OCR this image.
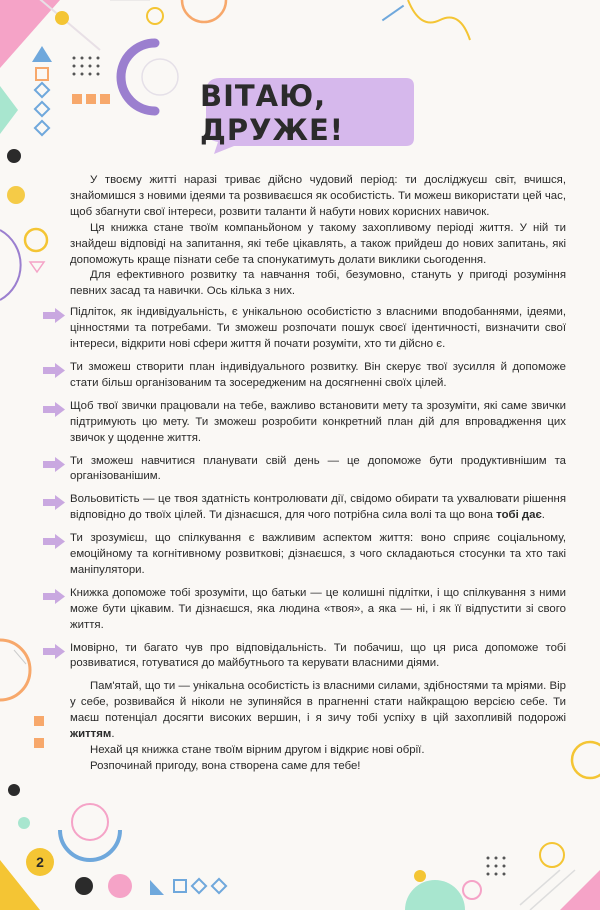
ВІТАЮ, ДРУЖЕ!

У твоєму житті наразі триває дійсно чудовий період: ти досліджуєш світ, вчишся, знайомишся з новими ідеями та розвиваєшся як особистість. Ти можеш використати цей час, щоб збагнути свої інтереси, розвити таланти й набути нових корисних навичок.

Ця книжка стане твоїм компаньйоном у такому захопливому періоді життя. У ній ти знайдеш відповіді на запитання, які тебе цікавлять, а також прийдеш до нових запитань, які допоможуть краще пізнати себе та спонукатимуть долати виклики сьогодення.

Для ефективного розвитку та навчання тобі, безумовно, стануть у пригоді розуміння певних засад та навички. Ось кілька з них.

Підліток, як індивідуальність, є унікальною особистістю з власними вподобаннями, ідеями, цінностями та потребами. Ти зможеш розпочати пошук своєї ідентичності, визначити свої інтереси, відкрити нові сфери життя й почати розуміти, хто ти дійсно є.

Ти зможеш створити план індивідуального розвитку. Він скерує твої зусилля й допоможе стати більш організованим та зосередженим на досягненні своїх цілей.

Щоб твої звички працювали на тебе, важливо встановити мету та зрозуміти, які саме звички підтримують цю мету. Ти зможеш розробити конкретний план дій для впровадження цих звичок у щоденне життя.

Ти зможеш навчитися планувати свій день — це допоможе бути продуктивнішим та організованішим.

Вольовитість — це твоя здатність контролювати дії, свідомо обирати та ухвалювати рішення відповідно до твоїх цілей. Ти дізнаєшся, для чого потрібна сила волі та що вона тобі дає.

Ти зрозумієш, що спілкування є важливим аспектом життя: воно сприяє соціальному, емоційному та когнітивному розвиткові; дізнаєшся, з чого складаються стосунки та хто такі маніпулятори.

Книжка допоможе тобі зрозуміти, що батьки — це колишні підлітки, і що спілкування з ними може бути цікавим. Ти дізнаєшся, яка людина «твоя», а яка — ні, і як її відпустити зі свого життя.

Імовірно, ти багато чув про відповідальність. Ти побачиш, що ця риса допоможе тобі розвиватися, готуватися до майбутнього та керувати власними діями.

Пам'ятай, що ти — унікальна особистість із власними силами, здібностями та мріями. Вір у себе, розвивайся й ніколи не зупиняйся в прагненні стати найкращою версією себе. Ти маєш потенціал досягти високих вершин, і я зичу тобі успіху в цій захопливій подорожі життям.

Нехай ця книжка стане твоїм вірним другом і відкриє нові обрії.

Розпочинай пригоду, вона створена саме для тебе!

2
